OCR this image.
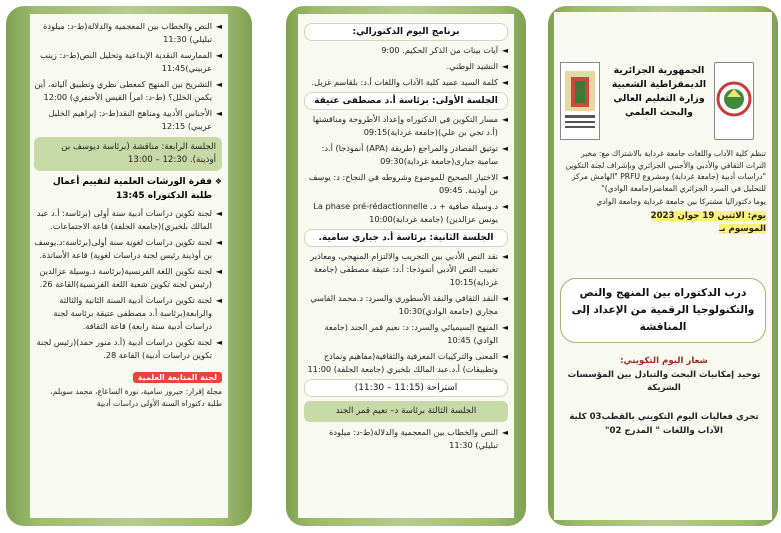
◄
النص والخطاب بين المعجمية والدلالة(ط-د: ميلودة تبليلي) 11:30
◄
الممارسة النقدية الإبداعية وتحليل النص(ط-د: زينب عربيني)11:45
◄
التشريح بين المنهج كمعطى نظري وتطبيق آلياته، أين يكمن الخلل؟ (ط-د: امرأ القيس الأحنفري) 12:00
◄
الأجناس الأدبية ومناهج النقد(ط-د: إبراهيم الخليل عريبي) 12:15
الجلسة الرابعة: مناقشة (برئاسة ديوسف بن أوذينة). 12:30 – 13:00
❖
فقرة الورشات العلمية لتقييم أعمال طلبة الدكتوراه 13:45
◄
لجنة تكوين دراسات أدبية سنة أولى (برئاسة: أ.د عبد المالك بلخيري)(جامعة الجلفة) قاعة الاجتماعات.
◄
لجنة تكوين دراسات لغوية سنة أولى(برئاسة:د.يوسف بن أوذينة رئيس لجنة دراسات لغوية) قاعة الأساتذة.
◄
لجنة تكوين اللغة الفرنسية(برئاسة د.وسيلة عزالدين (رئيس لجنة تكوين شعبة اللغة الفرنسية)القاعة 26.
◄
لجنة تكوين دراسات أدبية السنة الثانية والثالثة والرابعة(برئاسة أ.د مصطفى عتيقة برئاسة لجنة دراسات أدبية سنة رابعة) قاعة الثقافة.
◄
لجنة تكوين دراسات أدبية (أ.د منور حمد)(رئيس لجنة تكوين دراسات أدبية) القاعة 28.
لجنة المتابعة العلمية
مجلة إقرار: جيرور سامية، نورة الساعاغ، محمد سويلم، طلبة دكتوراه السنة الأولى دراسات أدبية
برنامج اليوم الدكتورالي:
◄
آيات بينات من الذكر الحكيم. 9:00
◄
النشيد الوطني.
◄
كلمة السيد عميد كلية الآداب واللغات أ.د: بلقاسم غزيل.
الجلسة الأولى: برئاسة أ.د مصطفى عتيقة
◄
مسار التكوين في الدكتوراه وإعداد الأطروحة ومناقشتها (أ.د نجي بن علي)(جامعة غرداية)09:15
◄
توثيق المصادر والمراجع (طريقة (APA) أنموذجا) أ.د: سامية جبارى(جامعة غرداية)09:30
◄
الاختيار الصحيح للموضوع وشروطه في النجاح: د: يوسف بن أوذينة. 09:45
◄
La phase pré-rédactionnelle د.وسيلة صافية + د. يونس عزالدين) (جامعة غرداية)10:00
الجلسة الثانية: برئاسة أ.د جباري سامية.
◄
نقد النص الأدبي بين التجريب والالتزام المنهجي، ومعاذير تغييب النص الأدبي أنموذجا: أ.د: عتيقة مصطفى (جامعة غرداية)10:15
◄
النقد الثقافي والنقد الأسطوري والسرد: د.محمد الفاسي مجاري (جامعة الوادي)10:30
◄
المنهج السيميائي والسرد: د: نعيم قمر الجند (جامعة الوادي) 10:45
◄
المعنى والتركيبات المعرفية والثقافية(مفاهيم ونماذج وتطبيقات) أ.د.عبد المالك بلخيري (جامعة الجلفة) 11:00
استراحة (11:15 – 11:30)
الجلسة الثالثة برئاسة د– نعيم قمر الجند
◄
النص والخطاب بين المعجمية والدلالة(ط-د: ميلودة تبليلي) 11:30
الجمهورية الجزائرية
الديمقراطية الشعبية
وزارة التعليم العالي
والبحث العلمي
تنظم كلية الآداب واللغات جامعة غرداية بالاشتراك مع: مخبر التراث الثقافي والأدبي والأجنبي الجزائري وبإشراف لجنة التكوين "دراسات أدبية (جامعة غرداية) ومشروع PRFU "الهامش مركز للتحليل في السرد الجزائري المعاصر(جامعة الوادي)"
يوما دكتوراليا مشتركا بين جامعة غرداية وجامعة الوادي
يوم: الاثنين 19 جوان 2023
الموسوم بـ
درب الدكتوراه بين المنهج والنص والتكنولوجيا الرقمية من الإعداد إلى المناقشة
شعار اليوم التكويني:
توحيد إمكانيات البحث والتبادل بين المؤسسات الشريكة
تجري فعاليات اليوم التكويني بالقطب03 كلية الآداب واللغات " المدرج 02"
